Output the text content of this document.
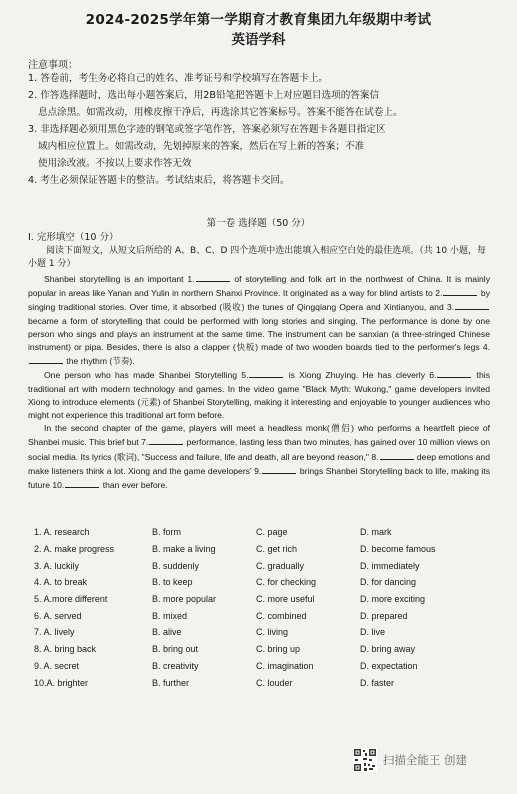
2024-2025学年第一学期育才教育集团九年级期中考试
英语学科
注意事项：
1. 答卷前，考生务必将自己的姓名、准考证号和学校填写在答题卡上。
2. 作答选择题时，选出每小题答案后，用2B铅笔把答题卡上对应题目选项的答案信
息点涂黑。如需改动，用橡皮擦干净后，再选涂其它答案标号。答案不能答在试卷上。
3. 非选择题必须用黑色字迹的钢笔或签字笔作答，答案必须写在答题卡各题目指定区
域内相应位置上。如需改动，先划掉原来的答案，然后在写上新的答案；不准
使用涂改液。不按以上要求作答无效
4. 考生必须保证答题卡的整洁。考试结束后，将答题卡交回。
第一卷 选择题（50 分）
I. 完形填空（10 分）
阅读下面短文，从短文后所给的 A、B、C、D 四个选项中选出能填入相应空白处的最佳选项。（共 10 小题，每小题 1 分）

Shanbei storytelling is an important 1.	of storytelling and folk art in the northwest of China. It is mainly popular in areas like Yanan and Yulin in northern Shanxi Province. It originated as a way for blind artists to 2.	by singing traditional stories. Over time, it absorbed (吸收) the tunes of Qingqiang Opera and Xintianyou, and 3. became a form of storytelling that could be performed with long stories and singing. The performance is done by one person who sings and plays an instrument at the same time. The instrument can be sanxian (a three-stringed Chinese instrument) or pipa. Besides, there is also a clapper (快板) made of two wooden boards tied to the performer's legs 4. the rhythm (节奏).

One person who has made Shanbei Storytelling 5.	is Xiong Zhuying. He has cleverly 6.	this traditional art with modern technology and games. In the video game "Black Myth: Wukong," game developers invited Xiong to introduce elements (元素) of Shanbei Storytelling, making it interesting and enjoyable to younger audiences who might not experience this traditional art form before.

In the second chapter of the game, players will meet a headless monk(僧侣) who performs a heartfelt piece of Shanbei music. This brief but 7.	performance, lasting less than two minutes, has gained over 10 million views on social media. Its lyrics (歌词), "Success and failure, life and death, all are beyond reason," 8.	deep emotions and make listeners think a lot. Xiong and the game developers' 9.	brings Shanbei Storytelling back to life, making its future 10.	than ever before.

1. A. research	B. form	C. page	D. mark
2. A. make progress	B. make a living	C. get rich	D. become famous
3. A. luckily	B. suddenly	C. gradually	D. immediately
4. A. to break	B. to keep	C. for checking	D. for dancing
5. A.more different	B. more popular	C. more useful	D. more exciting
6. A. served	B. mixed	C. combined	D. prepared
7. A. lively	B. alive	C. living	D. live
8. A. bring back	B. bring out	C. bring up	D. bring away
9. A. secret	B. creativity	C. imagination	D. expectation
10.A. brighter	B. further	C. louder	D. faster
扫描全能王 创建
